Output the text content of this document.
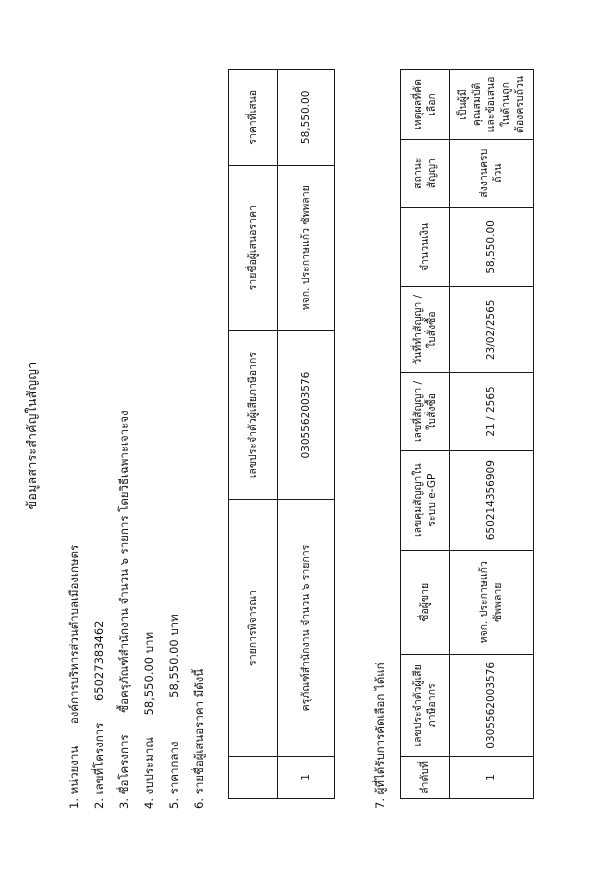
ข้อมูลสาระสำคัญในสัญญา
1. หน่วยงาน องค์การบริหารส่วนตำบลเมืองเกษตร
2. เลขที่โครงการ 65027383462
3. ชื่อโครงการ ซื้อครุภัณฑ์สำนักงาน จำนวน ๖ รายการ โดยวิธีเฉพาะเจาะจง
4. งบประมาณ 58,550.00 บาท
5. ราคากลาง 58,550.00 บาท
6. รายชื่อผู้เสนอราคา มีดังนี้
	รายการพิจารณา	เลขประจำตัวผู้เสียภาษีอากร	รายชื่อผู้เสนอราคา	ราคาที่เสนอ
1	ครุภัณฑ์สำนักงาน จำนวน ๖ รายการ	0305562003576	หจก. ประกาษแก้ว ซัพพลาย	58,550.00
7. ผู้ที่ได้รับการคัดเลือก ได้แก่	ลำดับที่	เลขประจำตัวผู้เสียภาษีอากร	ชื่อผู้ขาย	เลขคุมสัญญาในระบบ e-GP	เลขที่สัญญา / ใบสั่งซื้อ	วันที่ทำสัญญา / ใบสั่งซื้อ	จำนวนเงิน	สถานะสัญญา	เหตุผลที่คัดเลือก
1	0305562003576	หจก. ประกาษแก้ว ซัพพลาย	650214356909	21 / 2565	23/02/2565	58,550.00	ส่งงานครบถ้วน	เป็นผู้มีคุณสมบัติและข้อเสนอในด้านถูกต้องครบถ้วน
